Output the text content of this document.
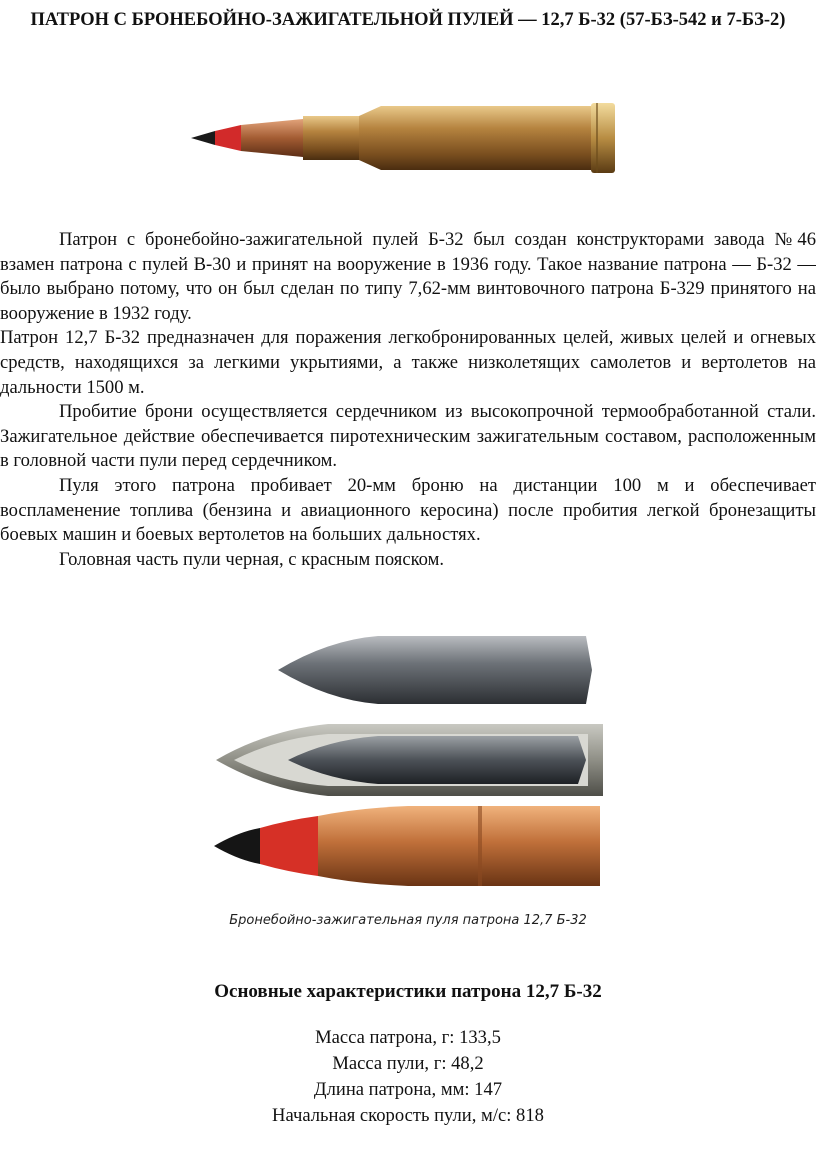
ПАТРОН С БРОНЕБОЙНО-ЗАЖИГАТЕЛЬНОЙ ПУЛЕЙ — 12,7 Б-32 (57-БЗ-542 и 7-БЗ-2)

Патрон с бронебойно-зажигательной пулей Б-32 был создан конструкторами завода №46 взамен патрона с пулей В-30 и принят на вооружение в 1936 году. Такое название патрона — Б-32 — было выбрано потому, что он был сделан по типу 7,62-мм винтовочного патрона Б-329 принятого на вооружение в 1932 году.

Патрон 12,7 Б-32 предназначен для поражения легкобронированных целей, живых целей и огневых средств, находящихся за легкими укрытиями, а также низколетящих самолетов и вертолетов на дальности 1500 м.

Пробитие брони осуществляется сердечником из высокопрочной термообработанной стали. Зажигательное действие обеспечивается пиротехническим зажигательным составом, расположенным в головной части пули перед сердечником.

Пуля этого патрона пробивает 20-мм броню на дистанции 100 м и обеспечивает воспламенение топлива (бензина и авиационного керосина) после пробития легкой бронезащиты боевых машин и боевых вертолетов на больших дальностях.

Головная часть пули черная, с красным пояском.

Бронебойно-зажигательная пуля патрона 12,7 Б-32
Основные характеристики патрона 12,7 Б-32
Масса патрона, г: 133,5
Масса пули, г: 48,2
Длина патрона, мм: 147
Начальная скорость пули, м/с: 818
